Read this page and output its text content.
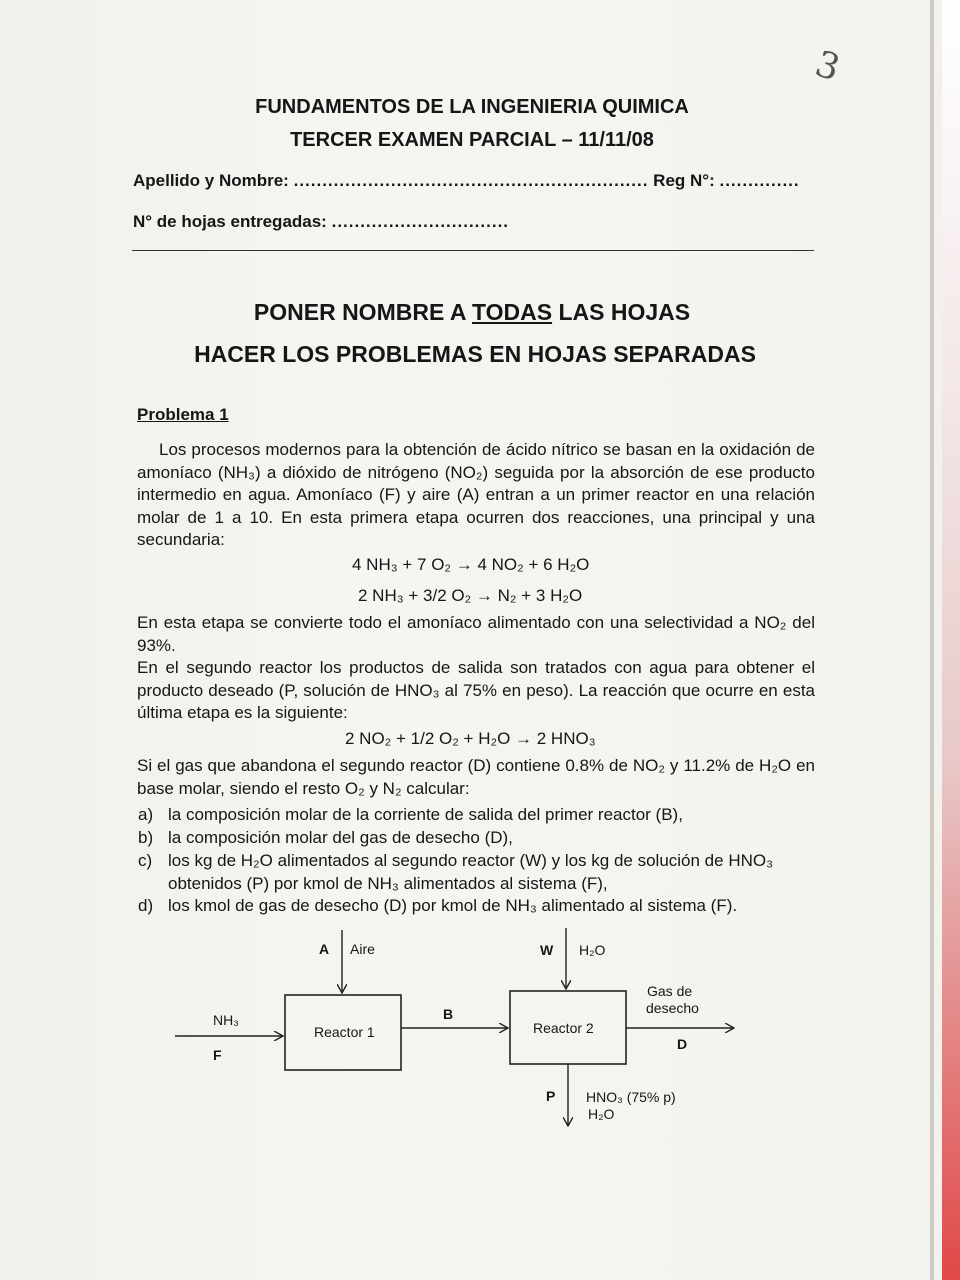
3
FUNDAMENTOS DE LA INGENIERIA QUIMICA
TERCER EXAMEN PARCIAL – 11/11/08
Apellido y Nombre: .............................................................. Reg N°: ..............
N° de hojas entregadas: ...............................
PONER NOMBRE A TODAS LAS HOJAS
HACER LOS PROBLEMAS EN HOJAS SEPARADAS
Problema 1
Los procesos modernos para la obtención de ácido nítrico se basan en la oxidación de amoníaco (NH₃) a dióxido de nitrógeno (NO₂) seguida por la absorción de ese producto intermedio en agua. Amoníaco (F) y aire (A) entran a un primer reactor en una relación molar de 1 a 10. En esta primera etapa ocurren dos reacciones, una principal y una secundaria:
4 NH₃ + 7 O₂ → 4 NO₂ + 6 H₂O
2 NH₃ + 3/2 O₂ → N₂ + 3 H₂O
En esta etapa se convierte todo el amoníaco alimentado con una selectividad a NO₂ del 93%.
En el segundo reactor los productos de salida son tratados con agua para obtener el producto deseado (P, solución de HNO₃ al 75% en peso). La reacción que ocurre en esta última etapa es la siguiente:
2 NO₂ + 1/2 O₂ + H₂O → 2 HNO₃
Si el gas que abandona el segundo reactor (D) contiene 0.8% de NO₂ y 11.2% de H₂O en base molar, siendo el resto O₂ y N₂ calcular:
a) la composición molar de la corriente de salida del primer reactor (B),
b) la composición molar del gas de desecho (D),
c) los kg de H₂O alimentados al segundo reactor (W) y los kg de solución de HNO₃ obtenidos (P) por kmol de NH₃ alimentados al sistema (F),
d) los kmol de gas de desecho (D) por kmol de NH₃ alimentado al sistema (F).
A Aire	W H₂O
NH₃
F
Reactor 1
B
Reactor 2
Gas de
desecho
D
P HNO₃ (75% p)
H₂O
